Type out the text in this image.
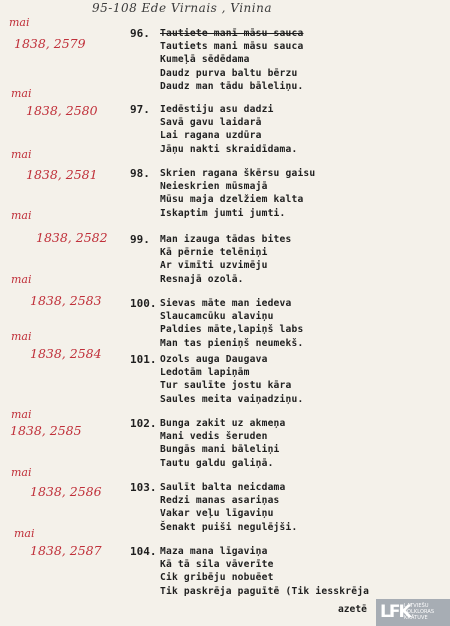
95-108 Ede Virnais , Vinina
mai
1838, 2579
96. Tautiete manī māsu sauca
Tautiets mani māsu sauca
Kumeļā sēdēdama
Daudz purva baltu bērzu
Daudz man tādu bāleliņu.
mai
1838, 2580	97. Iedēstiju asu dadzi
Savā gavu laidarā
Lai ragana uzdūra
Jāņu nakti skraidīdama.
mai
1838, 2581	98. Skrien ragana škērsu gaisu
Neieskrien mūsmajā
Mūsu maja dzelžiem kalta
Iskaptim jumti jumti.
mai
1838, 2582 99. Man izauga tādas bites
Kā pērnie telēniņi
Ar vīmīti uzvimēju
Resnajā ozolā.
mai
1838, 2583	100. Sievas māte man iedeva
Slaucamcūku alaviņu
Paldies māte,lapiņš labs
Man tas pieniņš neumekš.
mai
1838, 2584	101. Ozols auga Daugava
Ledotām lapiņām
Tur saulīte jostu kāra
Saules meita vaiņadziņu.
mai
1838, 2585	102. Bunga zakit uz akmeņa
Mani vedis šeruden
Bungās mani bāleliņi
Tautu galdu galiņā.
mai
1838, 2586	103. Saulīt balta neicdama
Redzi manas asariņas
Vakar veļu līgaviņu
Šenakt puiši negulējši.
mai
1838, 2587	104. Maza mana līgaviņa
Kā tā sila vāverīte
Cik gribēju nobuēet
Tik paskrēja paguītē (Tik iesskrēja
azetē LFK
LATVIEŠU
FOLKLORAS
KRĀTUVE
